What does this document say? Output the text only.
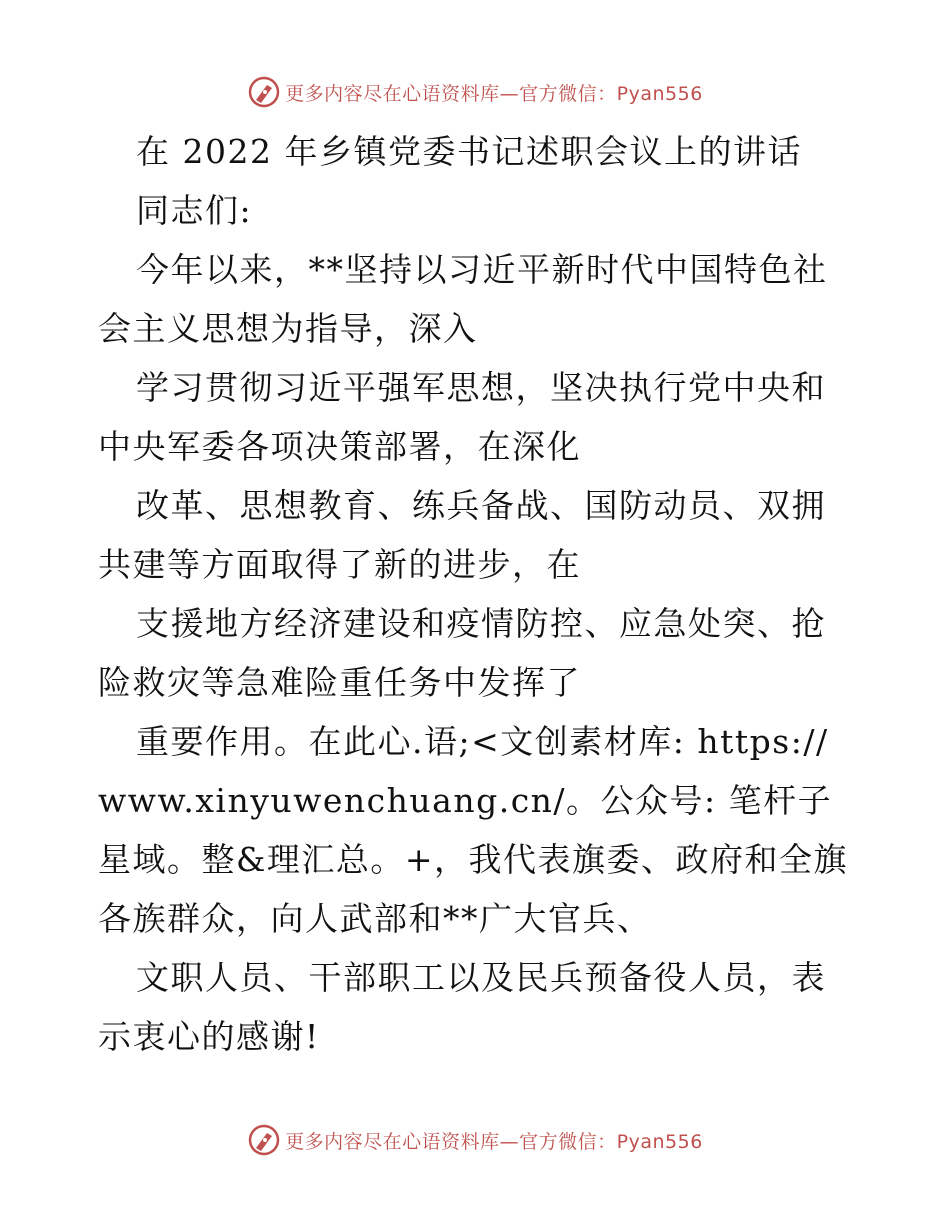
更多内容尽在心语资料库—官方微信：Pyan556

在 2022 年乡镇党委书记述职会议上的讲话

同志们:

今年以来，**坚持以习近平新时代中国特色社会主义思想为指导，深入

学习贯彻习近平强军思想，坚决执行党中央和中央军委各项决策部署，在深化

改革、思想教育、练兵备战、国防动员、双拥共建等方面取得了新的进步，在

支援地方经济建设和疫情防控、应急处突、抢险救灾等急难险重任务中发挥了

重要作用。在此心.语;<文创素材库: https://www.xinyuwenchuang.cn/。公众号: 笔杆子星域。整&理汇总。+，我代表旗委、政府和全旗各族群众，向人武部和**广大官兵、

文职人员、干部职工以及民兵预备役人员，表示衷心的感谢!

更多内容尽在心语资料库—官方微信：Pyan556
